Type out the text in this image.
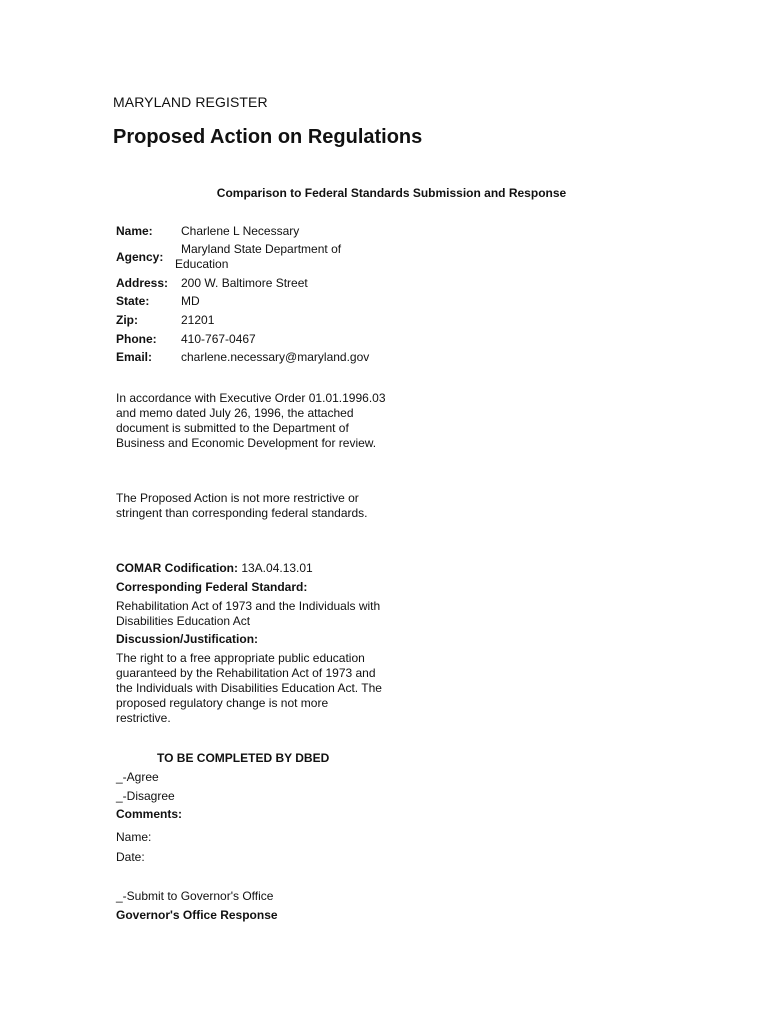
MARYLAND REGISTER
Proposed Action on Regulations
Comparison to Federal Standards Submission and Response
Name: Charlene L Necessary
Agency:
Maryland State Department of
Education
Address: 200 W. Baltimore Street
State:	MD
Zip:	21201
Phone: 410-767-0467
Email: charlene.necessary@maryland.gov
In accordance with Executive Order 01.01.1996.03 and memo dated July 26, 1996, the attached document is submitted to the Department of Business and Economic Development for review.
The Proposed Action is not more restrictive or stringent than corresponding federal standards.
COMAR Codification: 13A.04.13.01
Corresponding Federal Standard:
Rehabilitation Act of 1973 and the Individuals with Disabilities Education Act
Discussion/Justification:
The right to a free appropriate public education guaranteed by the Rehabilitation Act of 1973 and the Individuals with Disabilities Education Act. The proposed regulatory change is not more restrictive.
TO BE COMPLETED BY DBED
_-Agree
_-Disagree
Comments:
Name:
Date:
_-Submit to Governor's Office
Governor's Office Response
